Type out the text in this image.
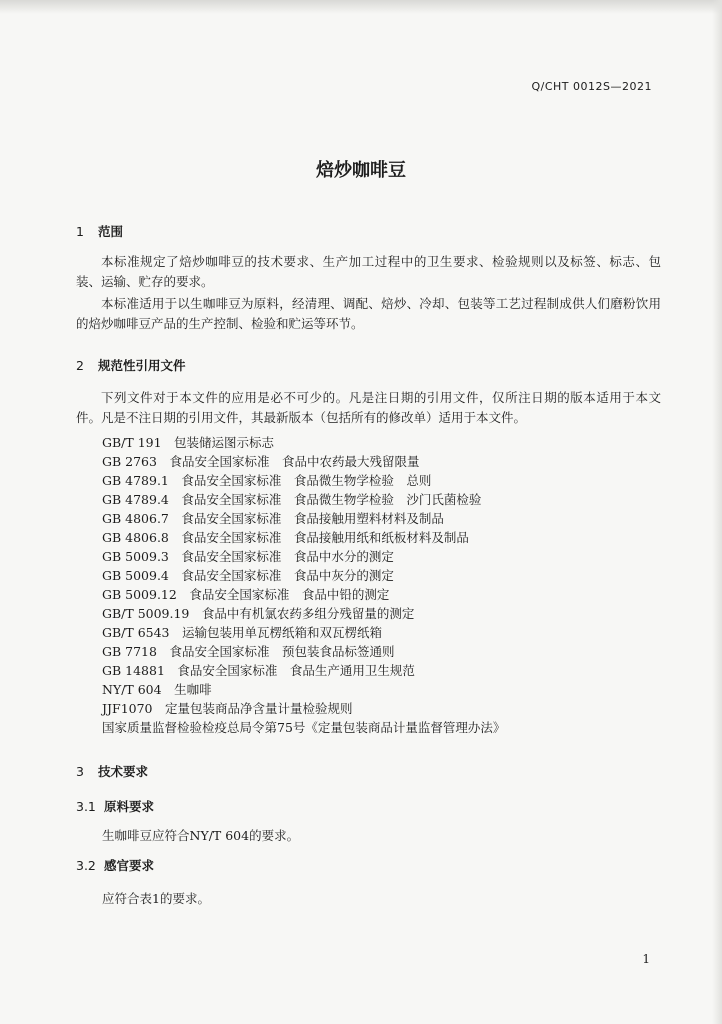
Q/CHT 0012S—2021
焙炒咖啡豆
1 范围

本标准规定了焙炒咖啡豆的技术要求、生产加工过程中的卫生要求、检验规则以及标签、标志、包装、运输、贮存的要求。

本标准适用于以生咖啡豆为原料，经清理、调配、焙炒、冷却、包装等工艺过程制成供人们磨粉饮用的焙炒咖啡豆产品的生产控制、检验和贮运等环节。

2 规范性引用文件

下列文件对于本文件的应用是必不可少的。凡是注日期的引用文件，仅所注日期的版本适用于本文件。凡是不注日期的引用文件，其最新版本（包括所有的修改单）适用于本文件。

GB/T 191　包装储运图示标志
GB 2763　食品安全国家标准　食品中农药最大残留限量
GB 4789.1　食品安全国家标准　食品微生物学检验　总则
GB 4789.4　食品安全国家标准　食品微生物学检验　沙门氏菌检验
GB 4806.7　食品安全国家标准　食品接触用塑料材料及制品
GB 4806.8　食品安全国家标准　食品接触用纸和纸板材料及制品
GB 5009.3　食品安全国家标准　食品中水分的测定
GB 5009.4　食品安全国家标准　食品中灰分的测定
GB 5009.12　食品安全国家标准　食品中铅的测定
GB/T 5009.19　食品中有机氯农药多组分残留量的测定
GB/T 6543　运输包装用单瓦楞纸箱和双瓦楞纸箱
GB 7718　食品安全国家标准　预包装食品标签通则
GB 14881　食品安全国家标准　食品生产通用卫生规范
NY/T 604　生咖啡
JJF1070　定量包装商品净含量计量检验规则
国家质量监督检验检疫总局令第75号《定量包装商品计量监督管理办法》
3 技术要求
3.1 原料要求
生咖啡豆应符合NY/T 604的要求。
3.2 感官要求
应符合表1的要求。
1
